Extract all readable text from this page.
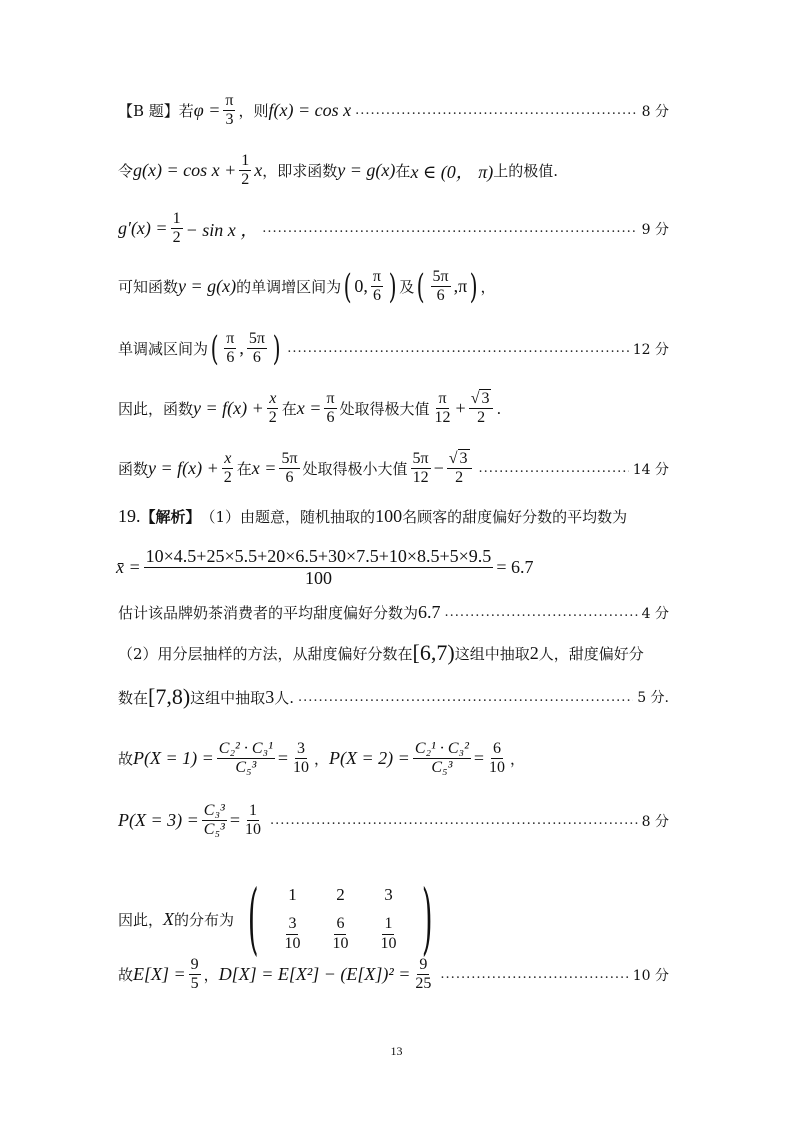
【B 题】若 $\varphi = \frac{\pi}{3}$ ，则 f(x) = cos x .....	8 分
令 $g(x) = \cos x + \frac{1}{2}$ x ，即求函数 y = g(x) 在 x ∈ (0， π) 上的极值.
$g'(x) = \frac{1}{2} - \sin x$ ， .....	9 分
可知函数 y = g(x) 的单调增区间为 ( 0, $\frac{\pi}{6}$ ) 及 ( $\frac{5\pi}{6} ,\pi$ ) ，
单调减区间为 ( $\frac{\pi}{6}$ , $\frac{5\pi}{6}$ ) .....	12 分
因此，函数 $y = f(x) + \frac{x}{2}$ 在 $x = \frac{\pi}{6}$ 处取得极大值 $\frac{\pi}{12} + \frac{√ 3}{2}$ .
函数 $y = f(x) + \frac{x}{2}$ 在 $x = \frac{5\pi}{6}$ 处取得极小大值 $\frac{5\pi}{12} - \frac{√ 3}{2}$ .....	14 分
19. 【解析】 （1）由题意，随机抽取的 100 名顾客的甜度偏好分数的平均数为
x̄ = $\frac{10\times 4.5+25\times 5.5+20\times 6.5+30\times 7.5+10\times 8.5+5\times 9.5}{100} = 6.7$
估计该品牌奶茶消费者的平均甜度偏好分数为 6.7 .....	4 分
（2）用分层抽样的方法，从甜度偏好分数在 [6,7) 这组中抽取 2 人，甜度偏好分
数在 [7,8) 这组中抽取 3 人. .....	5 分.
故 $P(X = 1) = \frac{\text{C₂² · C₃¹}}{\text{C₅³}} = \frac{3}{10}$ ， $P(X = 2) = \frac{\text{C₂¹ · C₃²}}{\text{C₅³}} = \frac{6}{10}$ ，
$P(X = 3) = \frac{\text{C₃³}}{\text{C₅³}} = \frac{1}{10}$ .....	8 分
因此， X 的分布为 ( 1 2 3
$\frac{3}{10} \frac{6}{10} \frac{1}{10}$ )
故 $E[X] = \frac{9}{5}$ ， $D[X] = E[X^2] - (E[X])^2 = \frac{9}{25}$ .....	10 分
13
